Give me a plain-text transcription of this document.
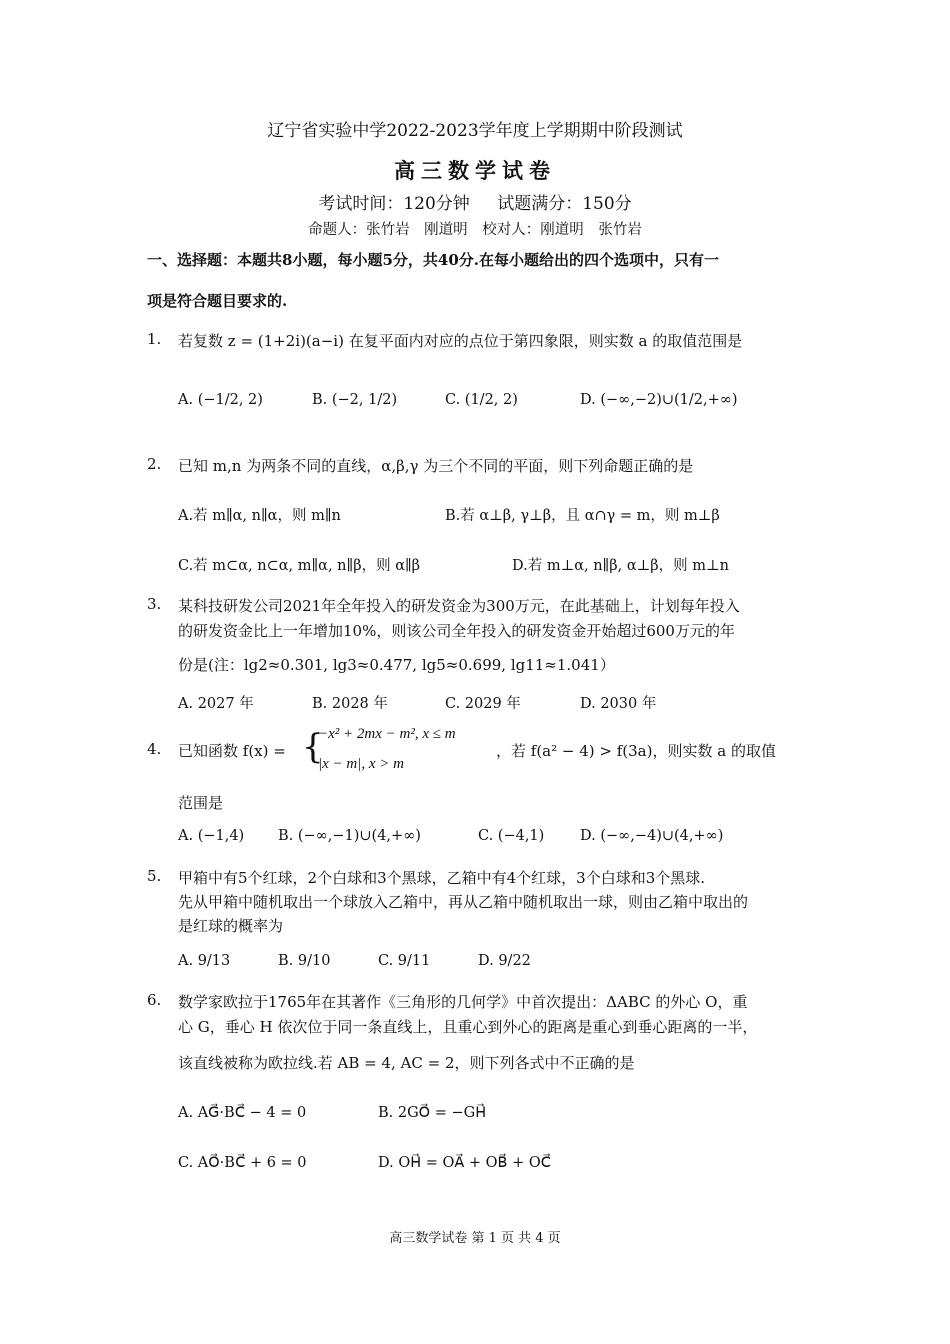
辽宁省实验中学2022-2023学年度上学期期中阶段测试
高三数学试卷
考试时间：120分钟 试题满分：150分
命题人：张竹岩 刚道明 校对人：刚道明 张竹岩
一、选择题：本题共8小题，每小题5分，共40分.在每小题给出的四个选项中，只有一
项是符合题目要求的.
1. 若复数 z = (1+2i)(a−i) 在复平面内对应的点位于第四象限，则实数 a 的取值范围是
A. (−1/2, 2)	B. (−2, 1/2)	C. (1/2, 2)	D. (−∞,−2)∪(1/2,+∞)
2. 已知 m,n 为两条不同的直线，α,β,γ 为三个不同的平面，则下列命题正确的是
A.若 m∥α, n∥α，则 m∥n	B.若 α⊥β, γ⊥β，且 α∩γ = m，则 m⊥β
C.若 m⊂α, n⊂α, m∥α, n∥β，则 α∥β	D.若 m⊥α, n∥β, α⊥β，则 m⊥n
3. 某科技研发公司2021年全年投入的研发资金为300万元，在此基础上，计划每年投入
的研发资金比上一年增加10%，则该公司全年投入的研发资金开始超过600万元的年
份是(注：lg2≈0.301, lg3≈0.477, lg5≈0.699, lg11≈1.041）
A. 2027 年	B. 2028 年	C. 2029 年	D. 2030 年
4. 已知函数 f(x) = {
−x² + 2mx − m², x ≤ m
|x − m|, x > m
，若 f(a² − 4) > f(3a)，则实数 a 的取值
范围是
A. (−1,4) B. (−∞,−1)∪(4,+∞)	C. (−4,1) D. (−∞,−4)∪(4,+∞)
5. 甲箱中有5个红球，2个白球和3个黑球，乙箱中有4个红球，3个白球和3个黑球.
先从甲箱中随机取出一个球放入乙箱中，再从乙箱中随机取出一球，则由乙箱中取出的
是红球的概率为
A. 9/13	B. 9/10	C. 9/11	D. 9/22
6. 数学家欧拉于1765年在其著作《三角形的几何学》中首次提出：ΔABC 的外心 O，重
心 G，垂心 H 依次位于同一条直线上，且重心到外心的距离是重心到垂心距离的一半，
该直线被称为欧拉线.若 AB = 4, AC = 2，则下列各式中不正确的是
A. AG⃗·BC⃗ − 4 = 0	B. 2GO⃗ = −GH⃗
C. AO⃗·BC⃗ + 6 = 0	D. OH⃗ = OA⃗ + OB⃗ + OC⃗
高三数学试卷 第 1 页 共 4 页
